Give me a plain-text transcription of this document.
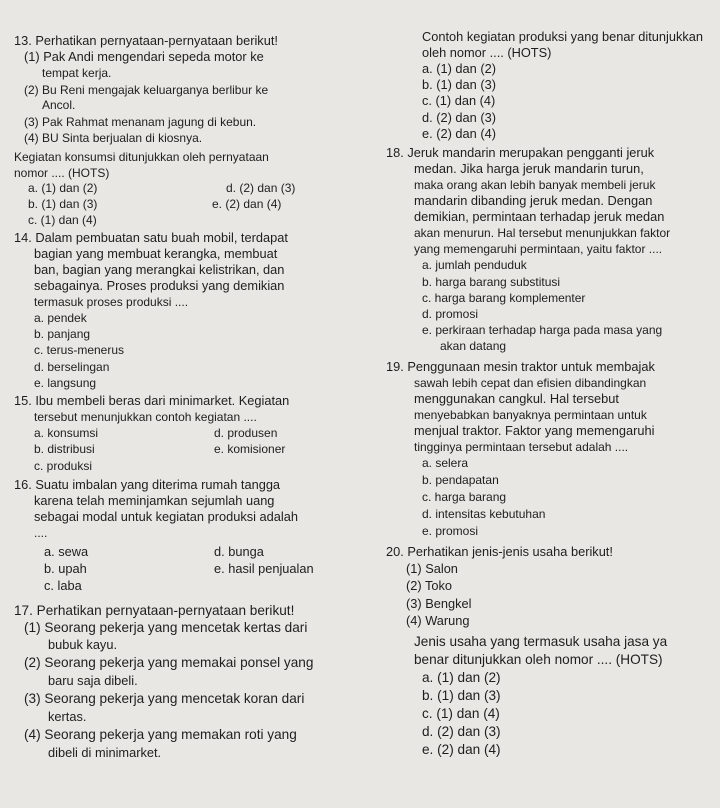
13. Perhatikan pernyataan-pernyataan berikut!
(1) Pak Andi mengendari sepeda motor ke
tempat kerja.
(2) Bu Reni mengajak keluarganya berlibur ke
Ancol.
(3) Pak Rahmat menanam jagung di kebun.
(4) BU Sinta berjualan di kiosnya.
Kegiatan konsumsi ditunjukkan oleh pernyataan
nomor .... (HOTS)
a. (1) dan (2)	d. (2) dan (3)
b. (1) dan (3)	e. (2) dan (4)
c. (1) dan (4)
14. Dalam pembuatan satu buah mobil, terdapat
bagian yang membuat kerangka, membuat
ban, bagian yang merangkai kelistrikan, dan
sebagainya. Proses produksi yang demikian
termasuk proses produksi ....
a. pendek
b. panjang
c. terus-menerus
d. berselingan
e. langsung
15. Ibu membeli beras dari minimarket. Kegiatan
tersebut menunjukkan contoh kegiatan ....
a. konsumsi	d. produsen
b. distribusi	e. komisioner
c. produksi
16. Suatu imbalan yang diterima rumah tangga
karena telah meminjamkan sejumlah uang
sebagai modal untuk kegiatan produksi adalah
....
a. sewa	d. bunga
b. upah	e. hasil penjualan
c. laba
17. Perhatikan pernyataan-pernyataan berikut!
(1) Seorang pekerja yang mencetak kertas dari
bubuk kayu.
(2) Seorang pekerja yang memakai ponsel yang
baru saja dibeli.
(3) Seorang pekerja yang mencetak koran dari
kertas.
(4) Seorang pekerja yang memakan roti yang
dibeli di minimarket.
Contoh kegiatan produksi yang benar ditunjukkan
oleh nomor .... (HOTS)
a. (1) dan (2)
b. (1) dan (3)
c. (1) dan (4)
d. (2) dan (3)
e. (2) dan (4)
18. Jeruk mandarin merupakan pengganti jeruk
medan. Jika harga jeruk mandarin turun,
maka orang akan lebih banyak membeli jeruk
mandarin dibanding jeruk medan. Dengan
demikian, permintaan terhadap jeruk medan
akan menurun. Hal tersebut menunjukkan faktor
yang memengaruhi permintaan, yaitu faktor ....
a. jumlah penduduk
b. harga barang substitusi
c. harga barang komplementer
d. promosi
e. perkiraan terhadap harga pada masa yang
akan datang
19. Penggunaan mesin traktor untuk membajak
sawah lebih cepat dan efisien dibandingkan
menggunakan cangkul. Hal tersebut
menyebabkan banyaknya permintaan untuk
menjual traktor. Faktor yang memengaruhi
tingginya permintaan tersebut adalah ....
a. selera
b. pendapatan
c. harga barang
d. intensitas kebutuhan
e. promosi
20. Perhatikan jenis-jenis usaha berikut!
(1) Salon
(2) Toko
(3) Bengkel
(4) Warung
Jenis usaha yang termasuk usaha jasa ya
benar ditunjukkan oleh nomor .... (HOTS)
a. (1) dan (2)
b. (1) dan (3)
c. (1) dan (4)
d. (2) dan (3)
e. (2) dan (4)
